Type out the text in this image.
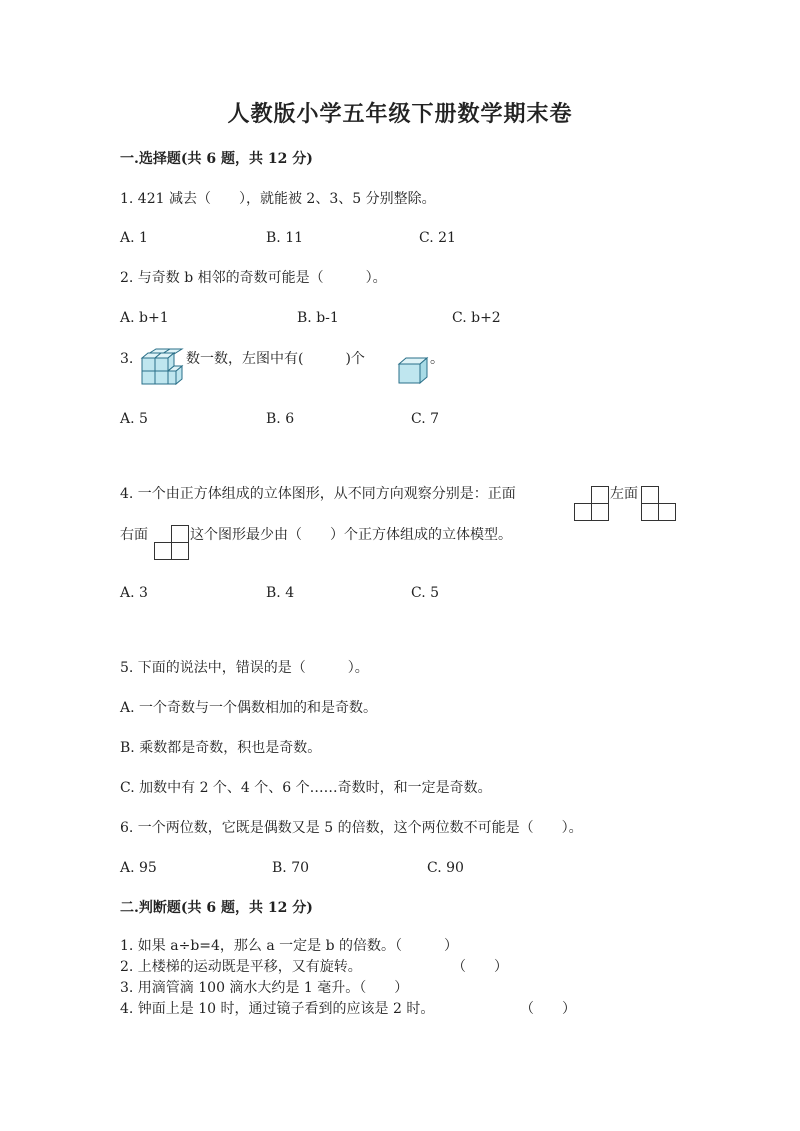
人教版小学五年级下册数学期末卷
一.选择题(共 6 题，共 12 分)
1. 421 减去（　　），就能被 2、3、5 分别整除。
A. 1	B. 11	C. 21
2. 与奇数 b 相邻的奇数可能是（　　　）。
A. b+1	B. b-1	C. b+2
3.	数一数，左图中有(　　　)个	。
A. 5	B. 6	C. 7
4. 一个由正方体组成的立体图形，从不同方向观察分别是：正面	左面
右面	这个图形最少由（　　）个正方体组成的立体模型。
A. 3	B. 4	C. 5
5. 下面的说法中，错误的是（　　　）。
A. 一个奇数与一个偶数相加的和是奇数。
B. 乘数都是奇数，积也是奇数。
C. 加数中有 2 个、4 个、6 个……奇数时，和一定是奇数。
6. 一个两位数，它既是偶数又是 5 的倍数，这个两位数不可能是（　　）。
A. 95	B. 70	C. 90
二.判断题(共 6 题，共 12 分)
1. 如果 a÷b=4，那么 a 一定是 b 的倍数。（　　　）
2. 上楼梯的运动既是平移，又有旋转。	（　　）
3. 用滴管滴 100 滴水大约是 1 毫升。（　　）
4. 钟面上是 10 时，通过镜子看到的应该是 2 时。	（　　）
